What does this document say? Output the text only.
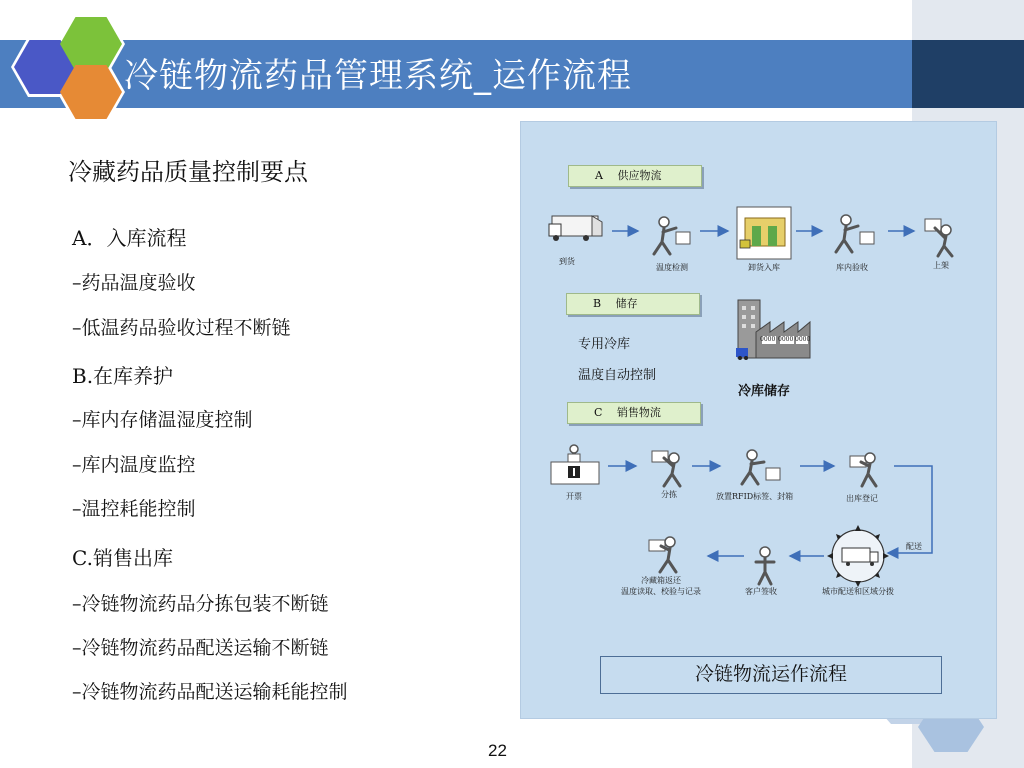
冷链物流药品管理系统_运作流程
冷藏药品质量控制要点
A．入库流程
–药品温度验收
–低温药品验收过程不断链
B.在库养护
–库内存储温湿度控制
–库内温度监控
–温控耗能控制
C.销售出库
–冷链物流药品分拣包装不断链
–冷链物流药品配送运输不断链
–冷链物流药品配送运输耗能控制
A　 供应物流
B　 储存
C　 销售物流
到货
温度检测	卸货入库	库内验收	上架
专用冷库
温度自动控制
冷库储存
0000 0000 0000
开票	分拣	放置RFID标签、封箱	出库登记
配送
城市配送和区域分拨
客户签收
冷藏箱返还
温度读取、校验与记录
冷链物流运作流程
22
